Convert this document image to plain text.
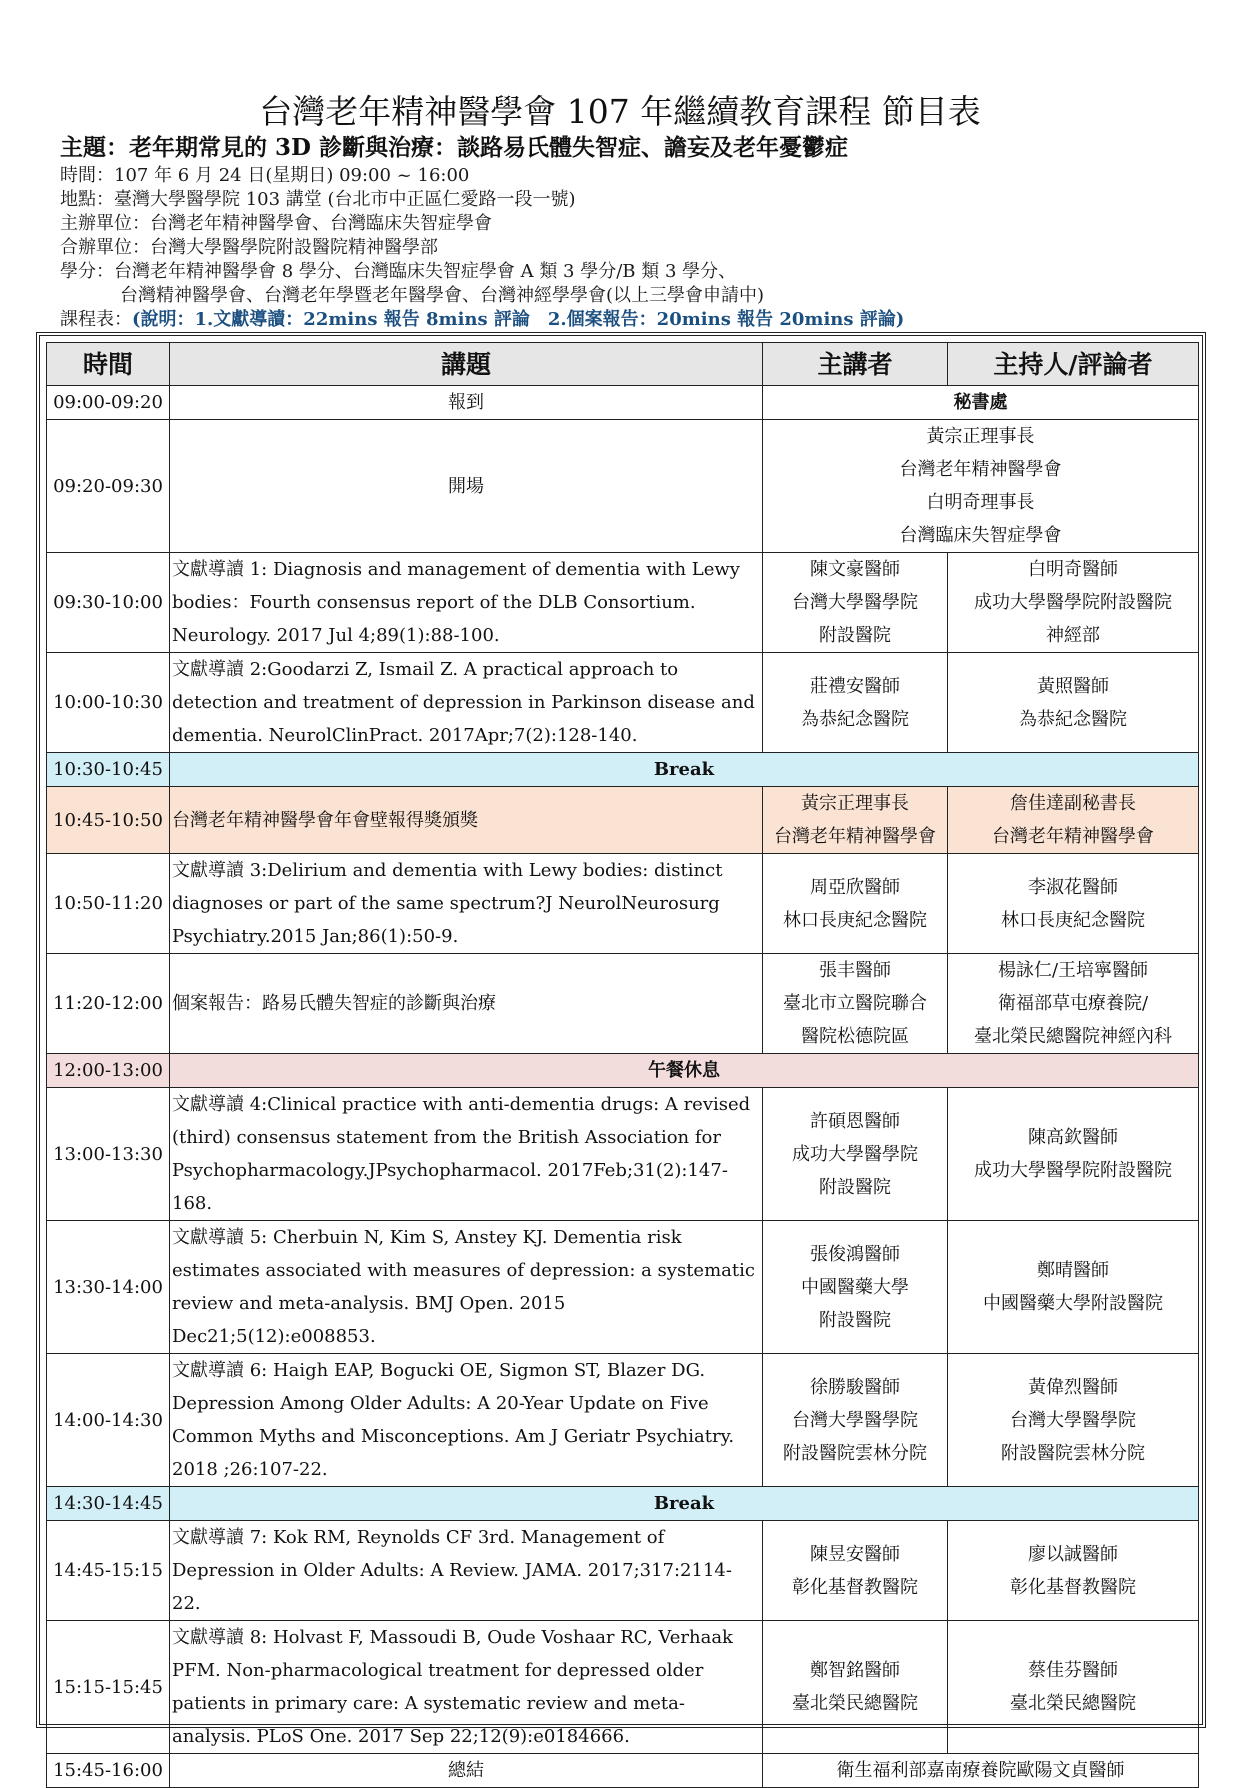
台灣老年精神醫學會 107 年繼續教育課程 節目表
主題：老年期常見的 3D 診斷與治療：談路易氏體失智症、譫妄及老年憂鬱症
時間：107 年 6 月 24 日(星期日) 09:00 ~ 16:00
地點：臺灣大學醫學院 103 講堂 (台北市中正區仁愛路一段一號)
主辦單位：台灣老年精神醫學會、台灣臨床失智症學會
合辦單位：台灣大學醫學院附設醫院精神醫學部
學分：台灣老年精神醫學會 8 學分、台灣臨床失智症學會 A 類 3 學分/B 類 3 學分、
台灣精神醫學會、台灣老年學暨老年醫學會、台灣神經學學會(以上三學會申請中)
課程表：(說明：1.文獻導讀：22mins 報告 8mins 評論　2.個案報告：20mins 報告 20mins 評論)
時間	講題	主講者	主持人/評論者
09:00-09:20	報到	秘書處	
09:20-09:30	開場	黃宗正理事長
台灣老年精神醫學會
白明奇理事長
台灣臨床失智症學會	

09:30-10:00	文獻導讀 1: Diagnosis and management of dementia with Lewy bodies：Fourth consensus report of the DLB Consortium. Neurology. 2017 Jul 4;89(1):88-100.	陳文豪醫師
台灣大學醫學院
附設醫院	白明奇醫師
成功大學醫學院附設醫院
神經部

10:00-10:30	文獻導讀 2:Goodarzi Z, Ismail Z. A practical approach to detection and treatment of depression in Parkinson disease and dementia. NeurolClinPract. 2017Apr;7(2):128-140.	莊禮安醫師
為恭紀念醫院	黃照醫師
為恭紀念醫院

10:30-10:45	Break		
10:45-10:50	台灣老年精神醫學會年會壁報得獎頒獎	黃宗正理事長
台灣老年精神醫學會	詹佳達副秘書長
台灣老年精神醫學會

10:50-11:20	文獻導讀 3:Delirium and dementia with Lewy bodies: distinct diagnoses or part of the same spectrum?J NeurolNeurosurg Psychiatry.2015 Jan;86(1):50-9.	周亞欣醫師
林口長庚紀念醫院	李淑花醫師
林口長庚紀念醫院

11:20-12:00	個案報告：路易氏體失智症的診斷與治療	張丰醫師
臺北市立醫院聯合
醫院松德院區	楊詠仁/王培寧醫師
衛福部草屯療養院/
臺北榮民總醫院神經內科

12:00-13:00	午餐休息		
13:00-13:30	文獻導讀 4:Clinical practice with anti-dementia drugs: A revised (third) consensus statement from the British Association for Psychopharmacology.JPsychopharmacol. 2017Feb;31(2):147-168.	許碩恩醫師
成功大學醫學院
附設醫院	陳高欽醫師
成功大學醫學院附設醫院

13:30-14:00	文獻導讀 5: Cherbuin N, Kim S, Anstey KJ. Dementia risk estimates associated with measures of depression: a systematic review and meta-analysis. BMJ Open. 2015 Dec21;5(12):e008853.	張俊鴻醫師
中國醫藥大學
附設醫院	鄭晴醫師
中國醫藥大學附設醫院

14:00-14:30	文獻導讀 6: Haigh EAP, Bogucki OE, Sigmon ST, Blazer DG. Depression Among Older Adults: A 20-Year Update on Five Common Myths and Misconceptions. Am J Geriatr Psychiatry. 2018 ;26:107-22.	徐勝駿醫師
台灣大學醫學院
附設醫院雲林分院	黃偉烈醫師
台灣大學醫學院
附設醫院雲林分院

14:30-14:45	Break		
14:45-15:15	文獻導讀 7: Kok RM, Reynolds CF 3rd. Management of Depression in Older Adults: A Review. JAMA. 2017;317:2114-22.	陳昱安醫師
彰化基督教醫院	廖以誠醫師
彰化基督教醫院

15:15-15:45	文獻導讀 8: Holvast F, Massoudi B, Oude Voshaar RC, Verhaak PFM. Non-pharmacological treatment for depressed older patients in primary care: A systematic review and meta-analysis. PLoS One. 2017 Sep 22;12(9):e0184666.	鄭智銘醫師
臺北榮民總醫院	蔡佳芬醫師
臺北榮民總醫院

15:45-16:00	總結	衛生福利部嘉南療養院歐陽文貞醫師	
